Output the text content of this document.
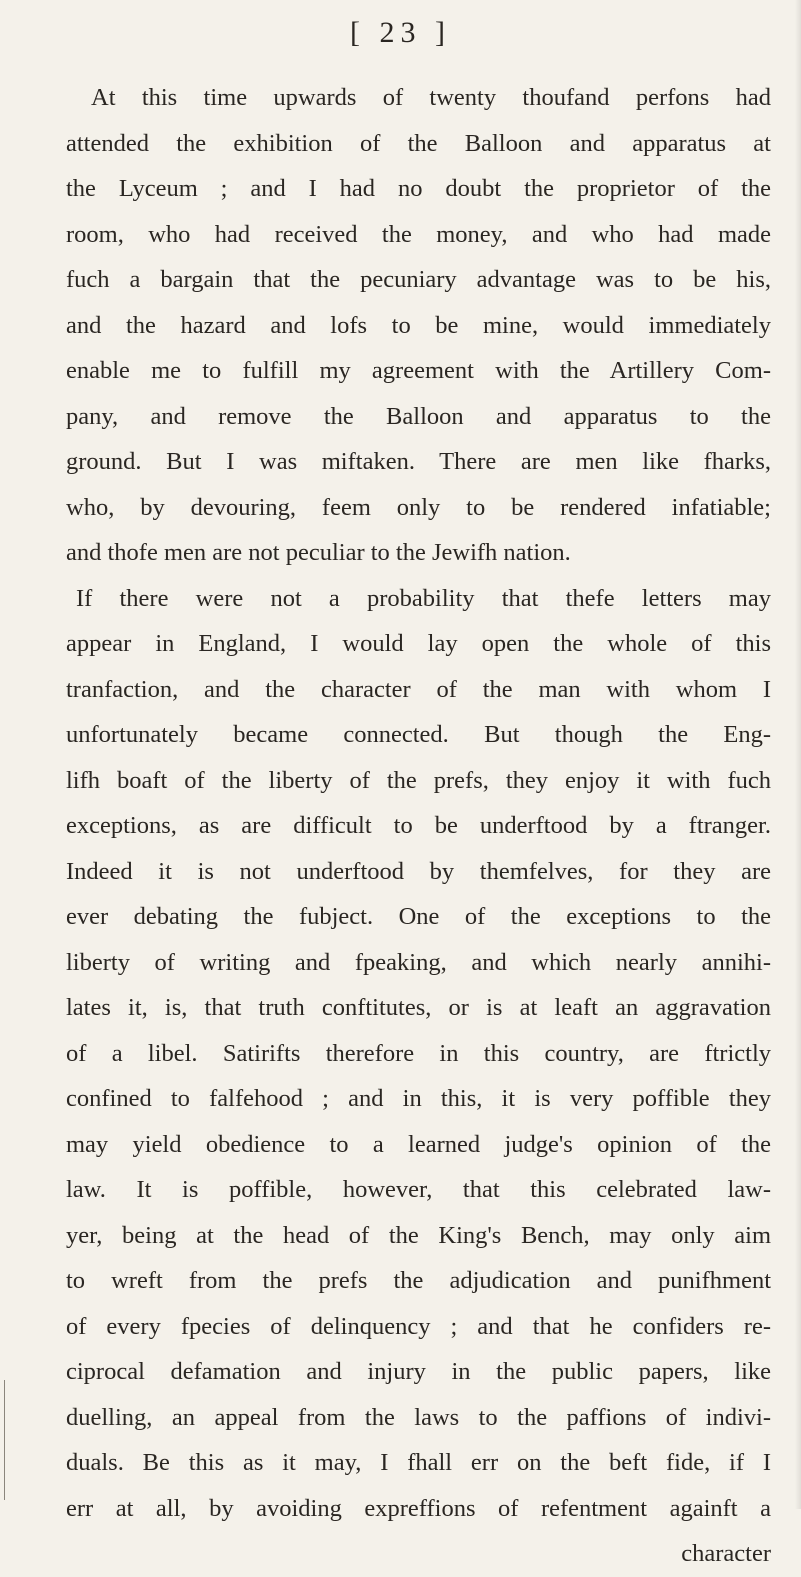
[ 23 ]
At this time upwards of twenty thoufand perfons had
attended the exhibition of the Balloon and apparatus at
the Lyceum ; and I had no doubt the proprietor of the
room, who had received the money, and who had made
fuch a bargain that the pecuniary advantage was to be his,
and the hazard and lofs to be mine, would immediately
enable me to fulfill my agreement with the Artillery Com-
pany, and remove the Balloon and apparatus to the
ground. But I was miftaken. There are men like fharks,
who, by devouring, feem only to be rendered infatiable;
and thofe men are not peculiar to the Jewifh nation.
If there were not a probability that thefe letters may
appear in England, I would lay open the whole of this
tranfaction, and the character of the man with whom I
unfortunately became connected. But though the Eng-
lifh boaft of the liberty of the prefs, they enjoy it with fuch
exceptions, as are difficult to be underftood by a ftranger.
Indeed it is not underftood by themfelves, for they are
ever debating the fubject. One of the exceptions to the
liberty of writing and fpeaking, and which nearly annihi-
lates it, is, that truth conftitutes, or is at leaft an aggravation
of a libel. Satirifts therefore in this country, are ftrictly
confined to falfehood ; and in this, it is very poffible they
may yield obedience to a learned judge's opinion of the
law. It is poffible, however, that this celebrated law-
yer, being at the head of the King's Bench, may only aim
to wreft from the prefs the adjudication and punifhment
of every fpecies of delinquency ; and that he confiders re-
ciprocal defamation and injury in the public papers, like
duelling, an appeal from the laws to the paffions of indivi-
duals. Be this as it may, I fhall err on the beft fide, if I
err at all, by avoiding expreffions of refentment againft a
character
